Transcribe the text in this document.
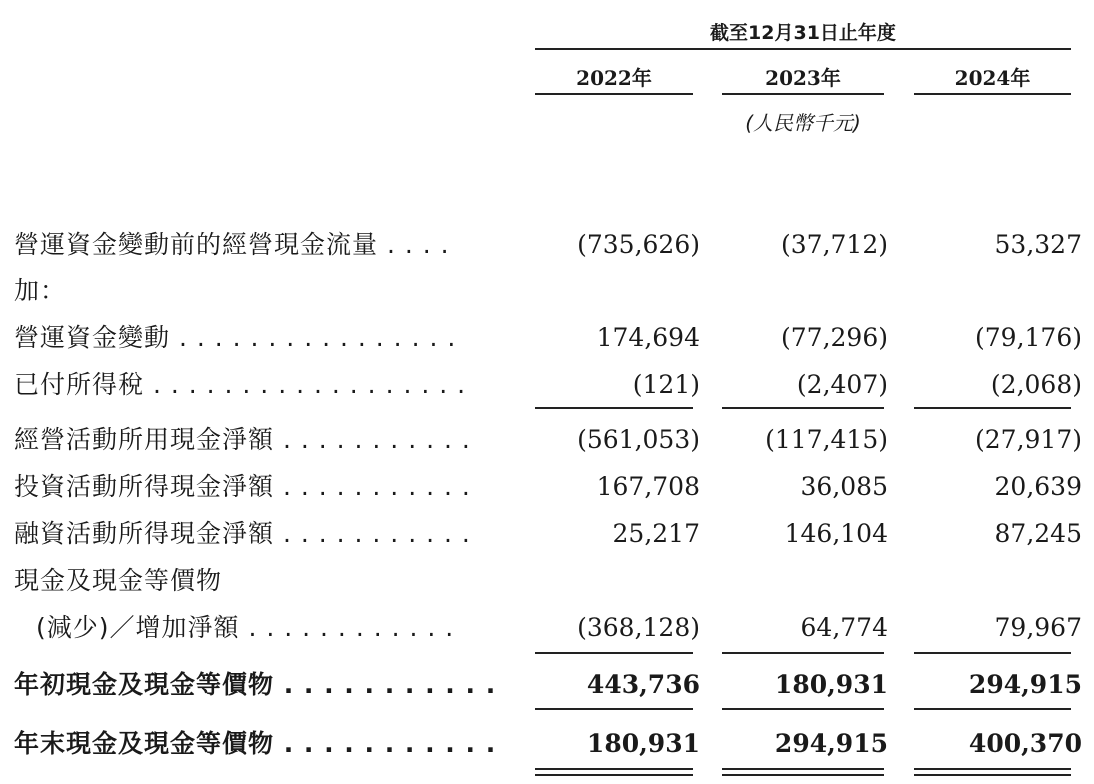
截至12月31日止年度
2022年	2023年	2024年
(人民幣千元)
營運資金變動前的經營現金流量 . . . .	(735,626)	(37,712)	53,327
加：
營運資金變動 . . . . . . . . . . . . . . . .	174,694	(77,296)	(79,176)
已付所得稅 . . . . . . . . . . . . . . . . . .	(121)	(2,407)	(2,068)
經營活動所用現金淨額 . . . . . . . . . . .	(561,053)	(117,415)	(27,917)
投資活動所得現金淨額 . . . . . . . . . . .	167,708	36,085	20,639
融資活動所得現金淨額 . . . . . . . . . . .	25,217	146,104	87,245
現金及現金等價物
(減少)／增加淨額 . . . . . . . . . . . .	(368,128)	64,774	79,967
年初現金及現金等價物 . . . . . . . . . . .	443,736	180,931	294,915
年末現金及現金等價物 . . . . . . . . . . .	180,931	294,915	400,370
